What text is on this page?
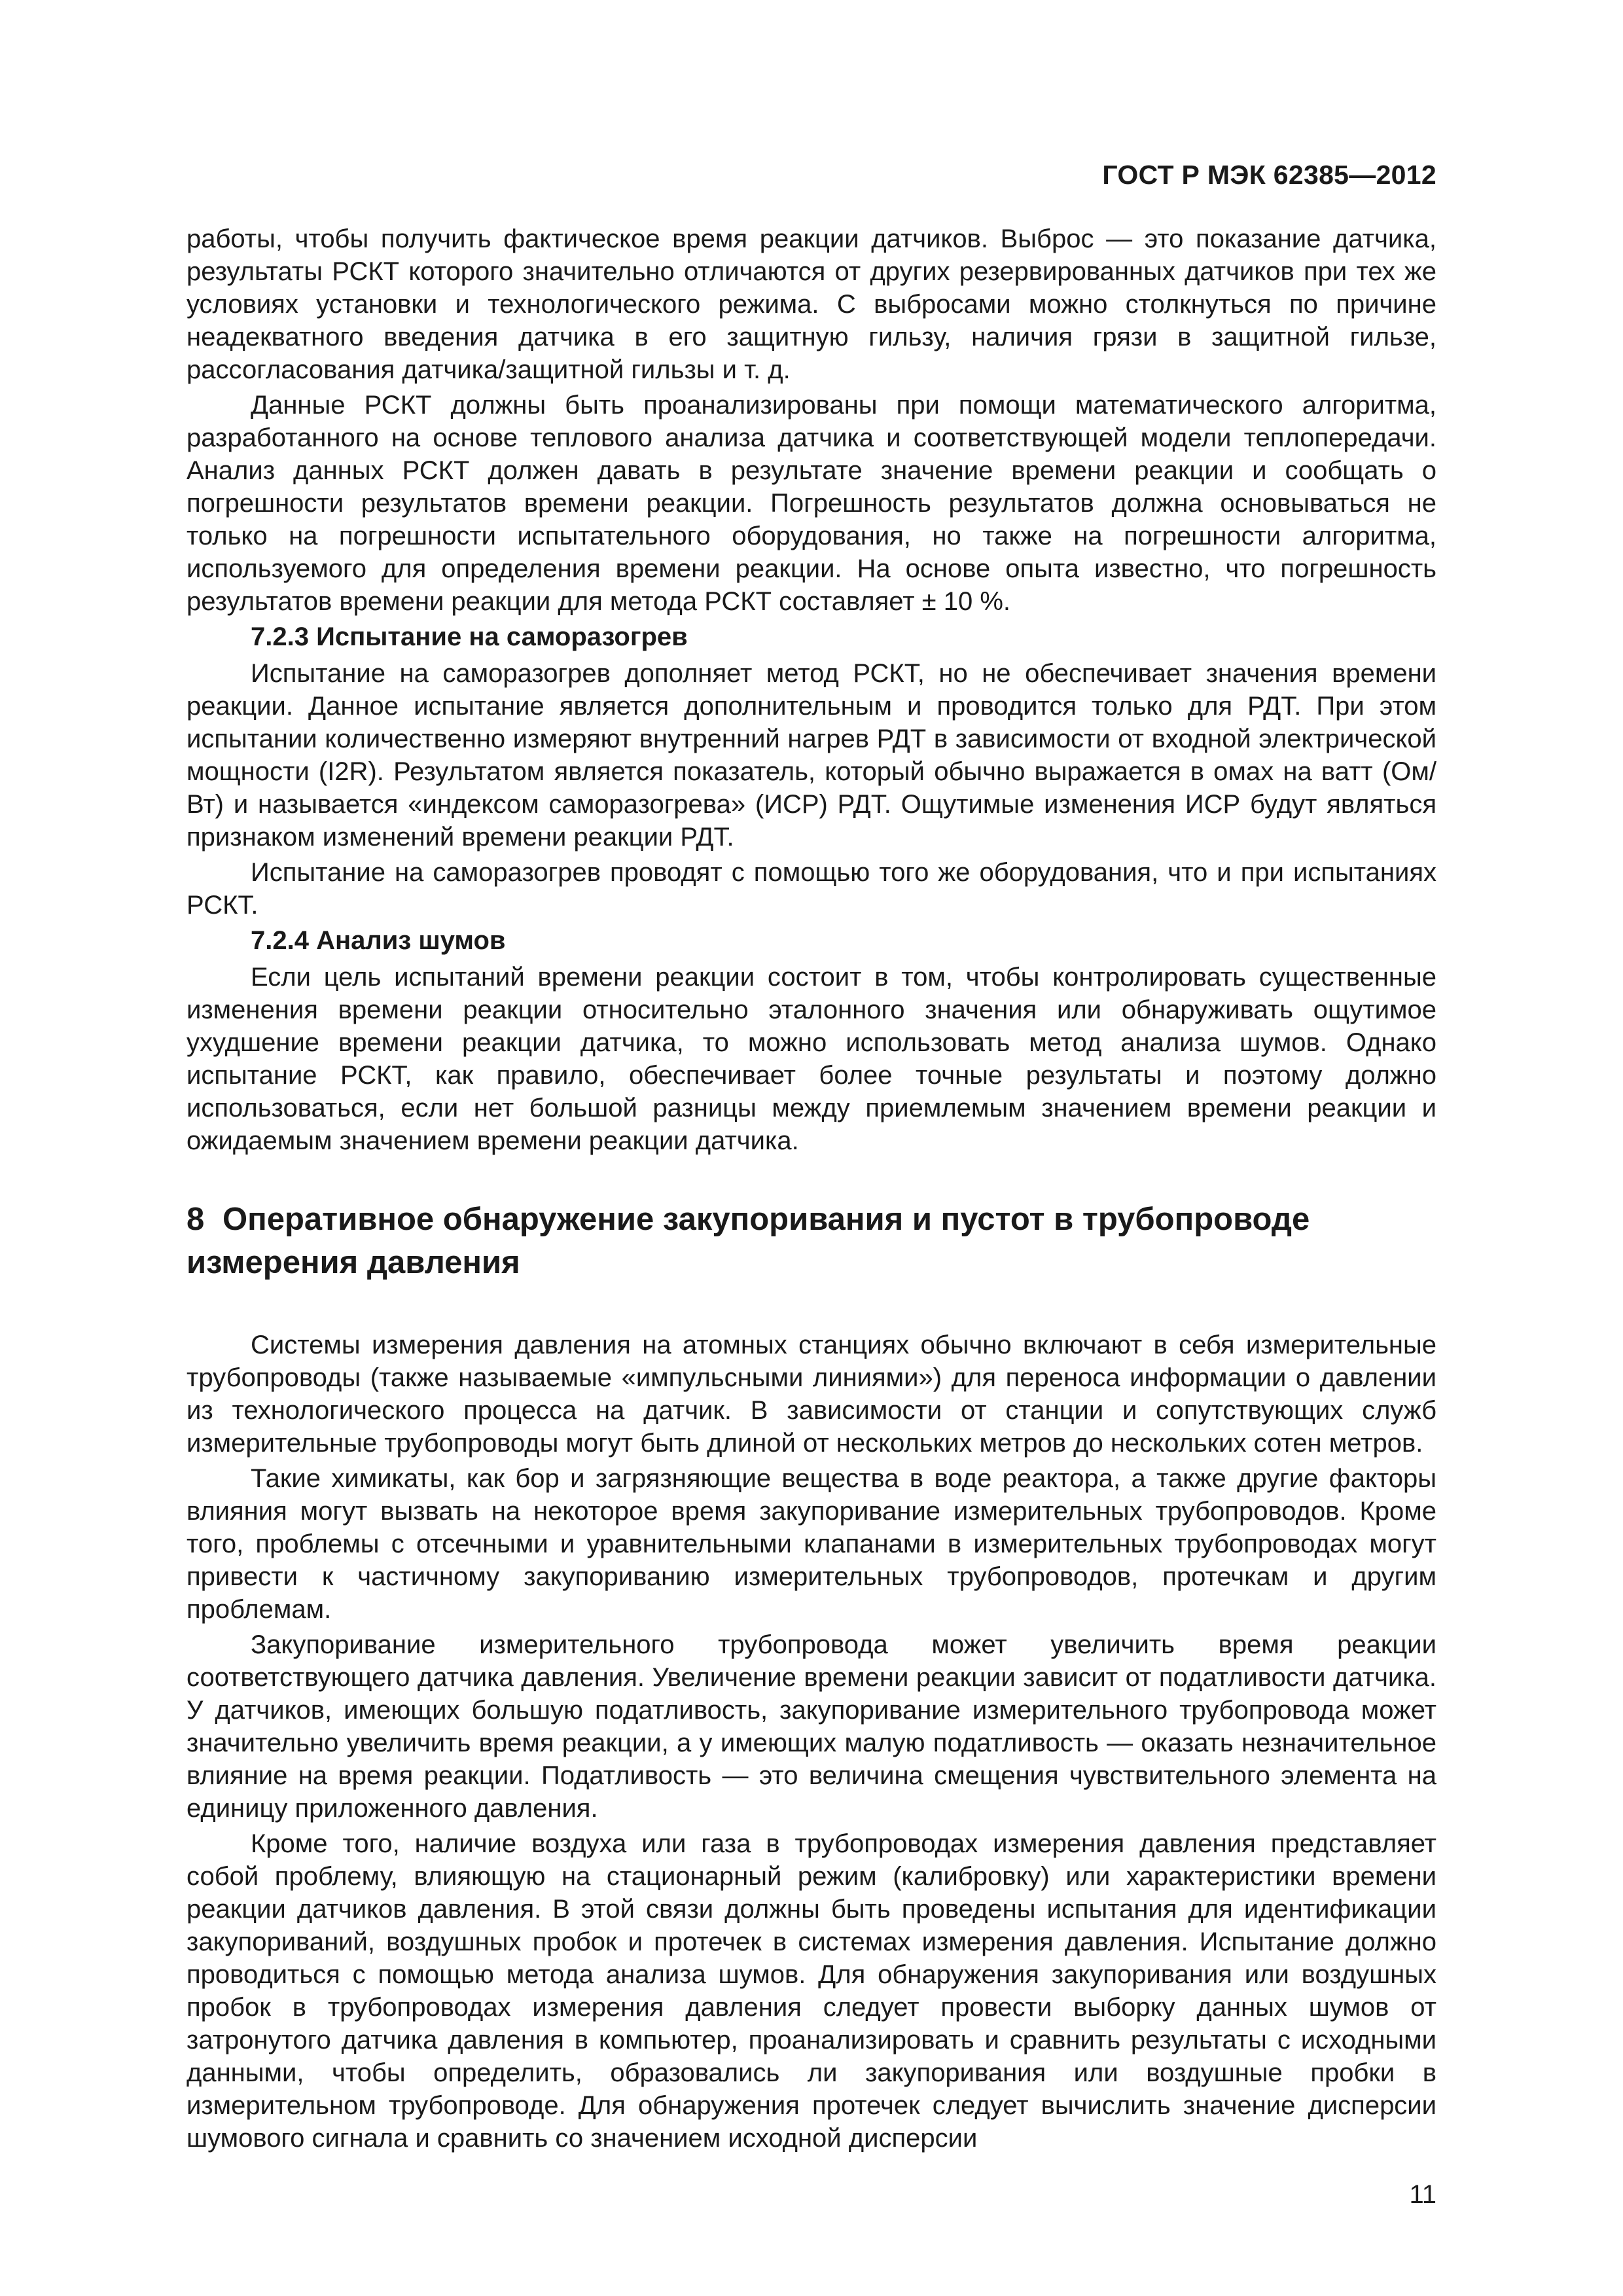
ГОСТ Р МЭК 62385—2012

работы, чтобы получить фактическое время реакции датчиков. Выброс — это показание датчика, результаты РСКТ которого значительно отличаются от других резервированных датчиков при тех же условиях установки и технологического режима. С выбросами можно столкнуться по причине неадекватного введения датчика в его защитную гильзу, наличия грязи в защитной гильзе, рассогласования датчика/защитной гильзы и т. д.

Данные РСКТ должны быть проанализированы при помощи математического алгоритма, разработанного на основе теплового анализа датчика и соответствующей модели теплопередачи. Анализ данных РСКТ должен давать в результате значение времени реакции и сообщать о погрешности результатов времени реакции. Погрешность результатов должна основываться не только на погрешности испытательного оборудования, но также на погрешности алгоритма, используемого для определения времени реакции. На основе опыта известно, что погрешность результатов времени реакции для метода РСКТ составляет ± 10 %.

7.2.3 Испытание на саморазогрев

Испытание на саморазогрев дополняет метод РСКТ, но не обеспечивает значения времени реакции. Данное испытание является дополнительным и проводится только для РДТ. При этом испытании количественно измеряют внутренний нагрев РДТ в зависимости от входной электрической мощности (I2R). Результатом является показатель, который обычно выражается в омах на ватт (Ом/Вт) и называется «индексом саморазогрева» (ИСР) РДТ. Ощутимые изменения ИСР будут являться признаком изменений времени реакции РДТ.

Испытание на саморазогрев проводят с помощью того же оборудования, что и при испытаниях РСКТ.

7.2.4 Анализ шумов

Если цель испытаний времени реакции состоит в том, чтобы контролировать существенные изменения времени реакции относительно эталонного значения или обнаруживать ощутимое ухудшение времени реакции датчика, то можно использовать метод анализа шумов. Однако испытание РСКТ, как правило, обеспечивает более точные результаты и поэтому должно использоваться, если нет большой разницы между приемлемым значением времени реакции и ожидаемым значением времени реакции датчика.

8 Оперативное обнаружение закупоривания и пустот в трубопроводе
измерения давления

Системы измерения давления на атомных станциях обычно включают в себя измерительные трубопроводы (также называемые «импульсными линиями») для переноса информации о давлении из технологического процесса на датчик. В зависимости от станции и сопутствующих служб измерительные трубопроводы могут быть длиной от нескольких метров до нескольких сотен метров.

Такие химикаты, как бор и загрязняющие вещества в воде реактора, а также другие факторы влияния могут вызвать на некоторое время закупоривание измерительных трубопроводов. Кроме того, проблемы с отсечными и уравнительными клапанами в измерительных трубопроводах могут привести к частичному закупориванию измерительных трубопроводов, протечкам и другим проблемам.

Закупоривание измерительного трубопровода может увеличить время реакции соответствующего датчика давления. Увеличение времени реакции зависит от податливости датчика. У датчиков, имеющих большую податливость, закупоривание измерительного трубопровода может значительно увеличить время реакции, а у имеющих малую податливость — оказать незначительное влияние на время реакции. Податливость — это величина смещения чувствительного элемента на единицу приложенного давления.

Кроме того, наличие воздуха или газа в трубопроводах измерения давления представляет собой проблему, влияющую на стационарный режим (калибровку) или характеристики времени реакции датчиков давления. В этой связи должны быть проведены испытания для идентификации закупориваний, воздушных пробок и протечек в системах измерения давления. Испытание должно проводиться с помощью метода анализа шумов. Для обнаружения закупоривания или воздушных пробок в трубопроводах измерения давления следует провести выборку данных шумов от затронутого датчика давления в компьютер, проанализировать и сравнить результаты с исходными данными, чтобы определить, образовались ли закупоривания или воздушные пробки в измерительном трубопроводе. Для обнаружения протечек следует вычислить значение дисперсии шумового сигнала и сравнить со значением исходной дисперсии

11
